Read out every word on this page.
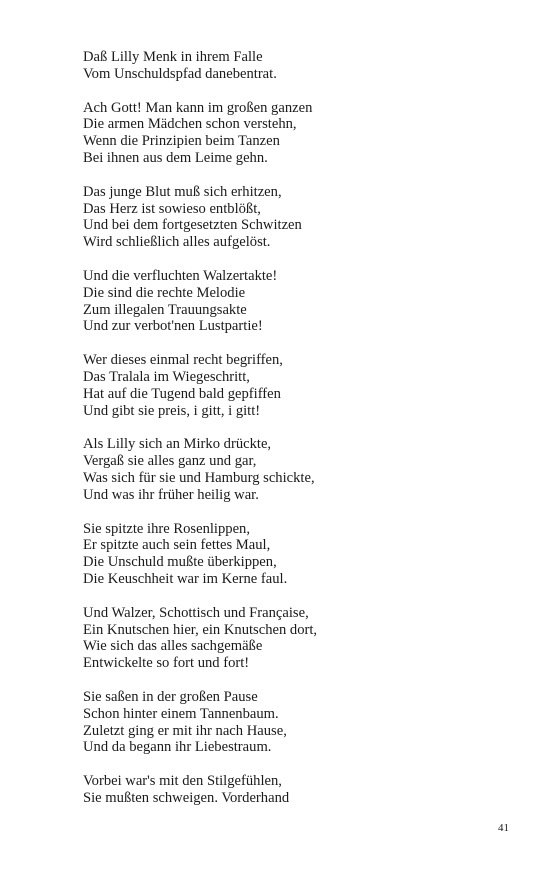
Daß Lilly Menk in ihrem Falle
Vom Unschuldspfad danebentrat.
Ach Gott! Man kann im großen ganzen
Die armen Mädchen schon verstehn,
Wenn die Prinzipien beim Tanzen
Bei ihnen aus dem Leime gehn.
Das junge Blut muß sich erhitzen,
Das Herz ist sowieso entblößt,
Und bei dem fortgesetzten Schwitzen
Wird schließlich alles aufgelöst.
Und die verfluchten Walzertakte!
Die sind die rechte Melodie
Zum illegalen Trauungsakte
Und zur verbot'nen Lustpartie!
Wer dieses einmal recht begriffen,
Das Tralala im Wiegeschritt,
Hat auf die Tugend bald gepfiffen
Und gibt sie preis, i gitt, i gitt!
Als Lilly sich an Mirko drückte,
Vergaß sie alles ganz und gar,
Was sich für sie und Hamburg schickte,
Und was ihr früher heilig war.
Sie spitzte ihre Rosenlippen,
Er spitzte auch sein fettes Maul,
Die Unschuld mußte überkippen,
Die Keuschheit war im Kerne faul.
Und Walzer, Schottisch und Française,
Ein Knutschen hier, ein Knutschen dort,
Wie sich das alles sachgemäße
Entwickelte so fort und fort!
Sie saßen in der großen Pause
Schon hinter einem Tannenbaum.
Zuletzt ging er mit ihr nach Hause,
Und da begann ihr Liebestraum.
Vorbei war's mit den Stilgefühlen,
Sie mußten schweigen. Vorderhand
41
